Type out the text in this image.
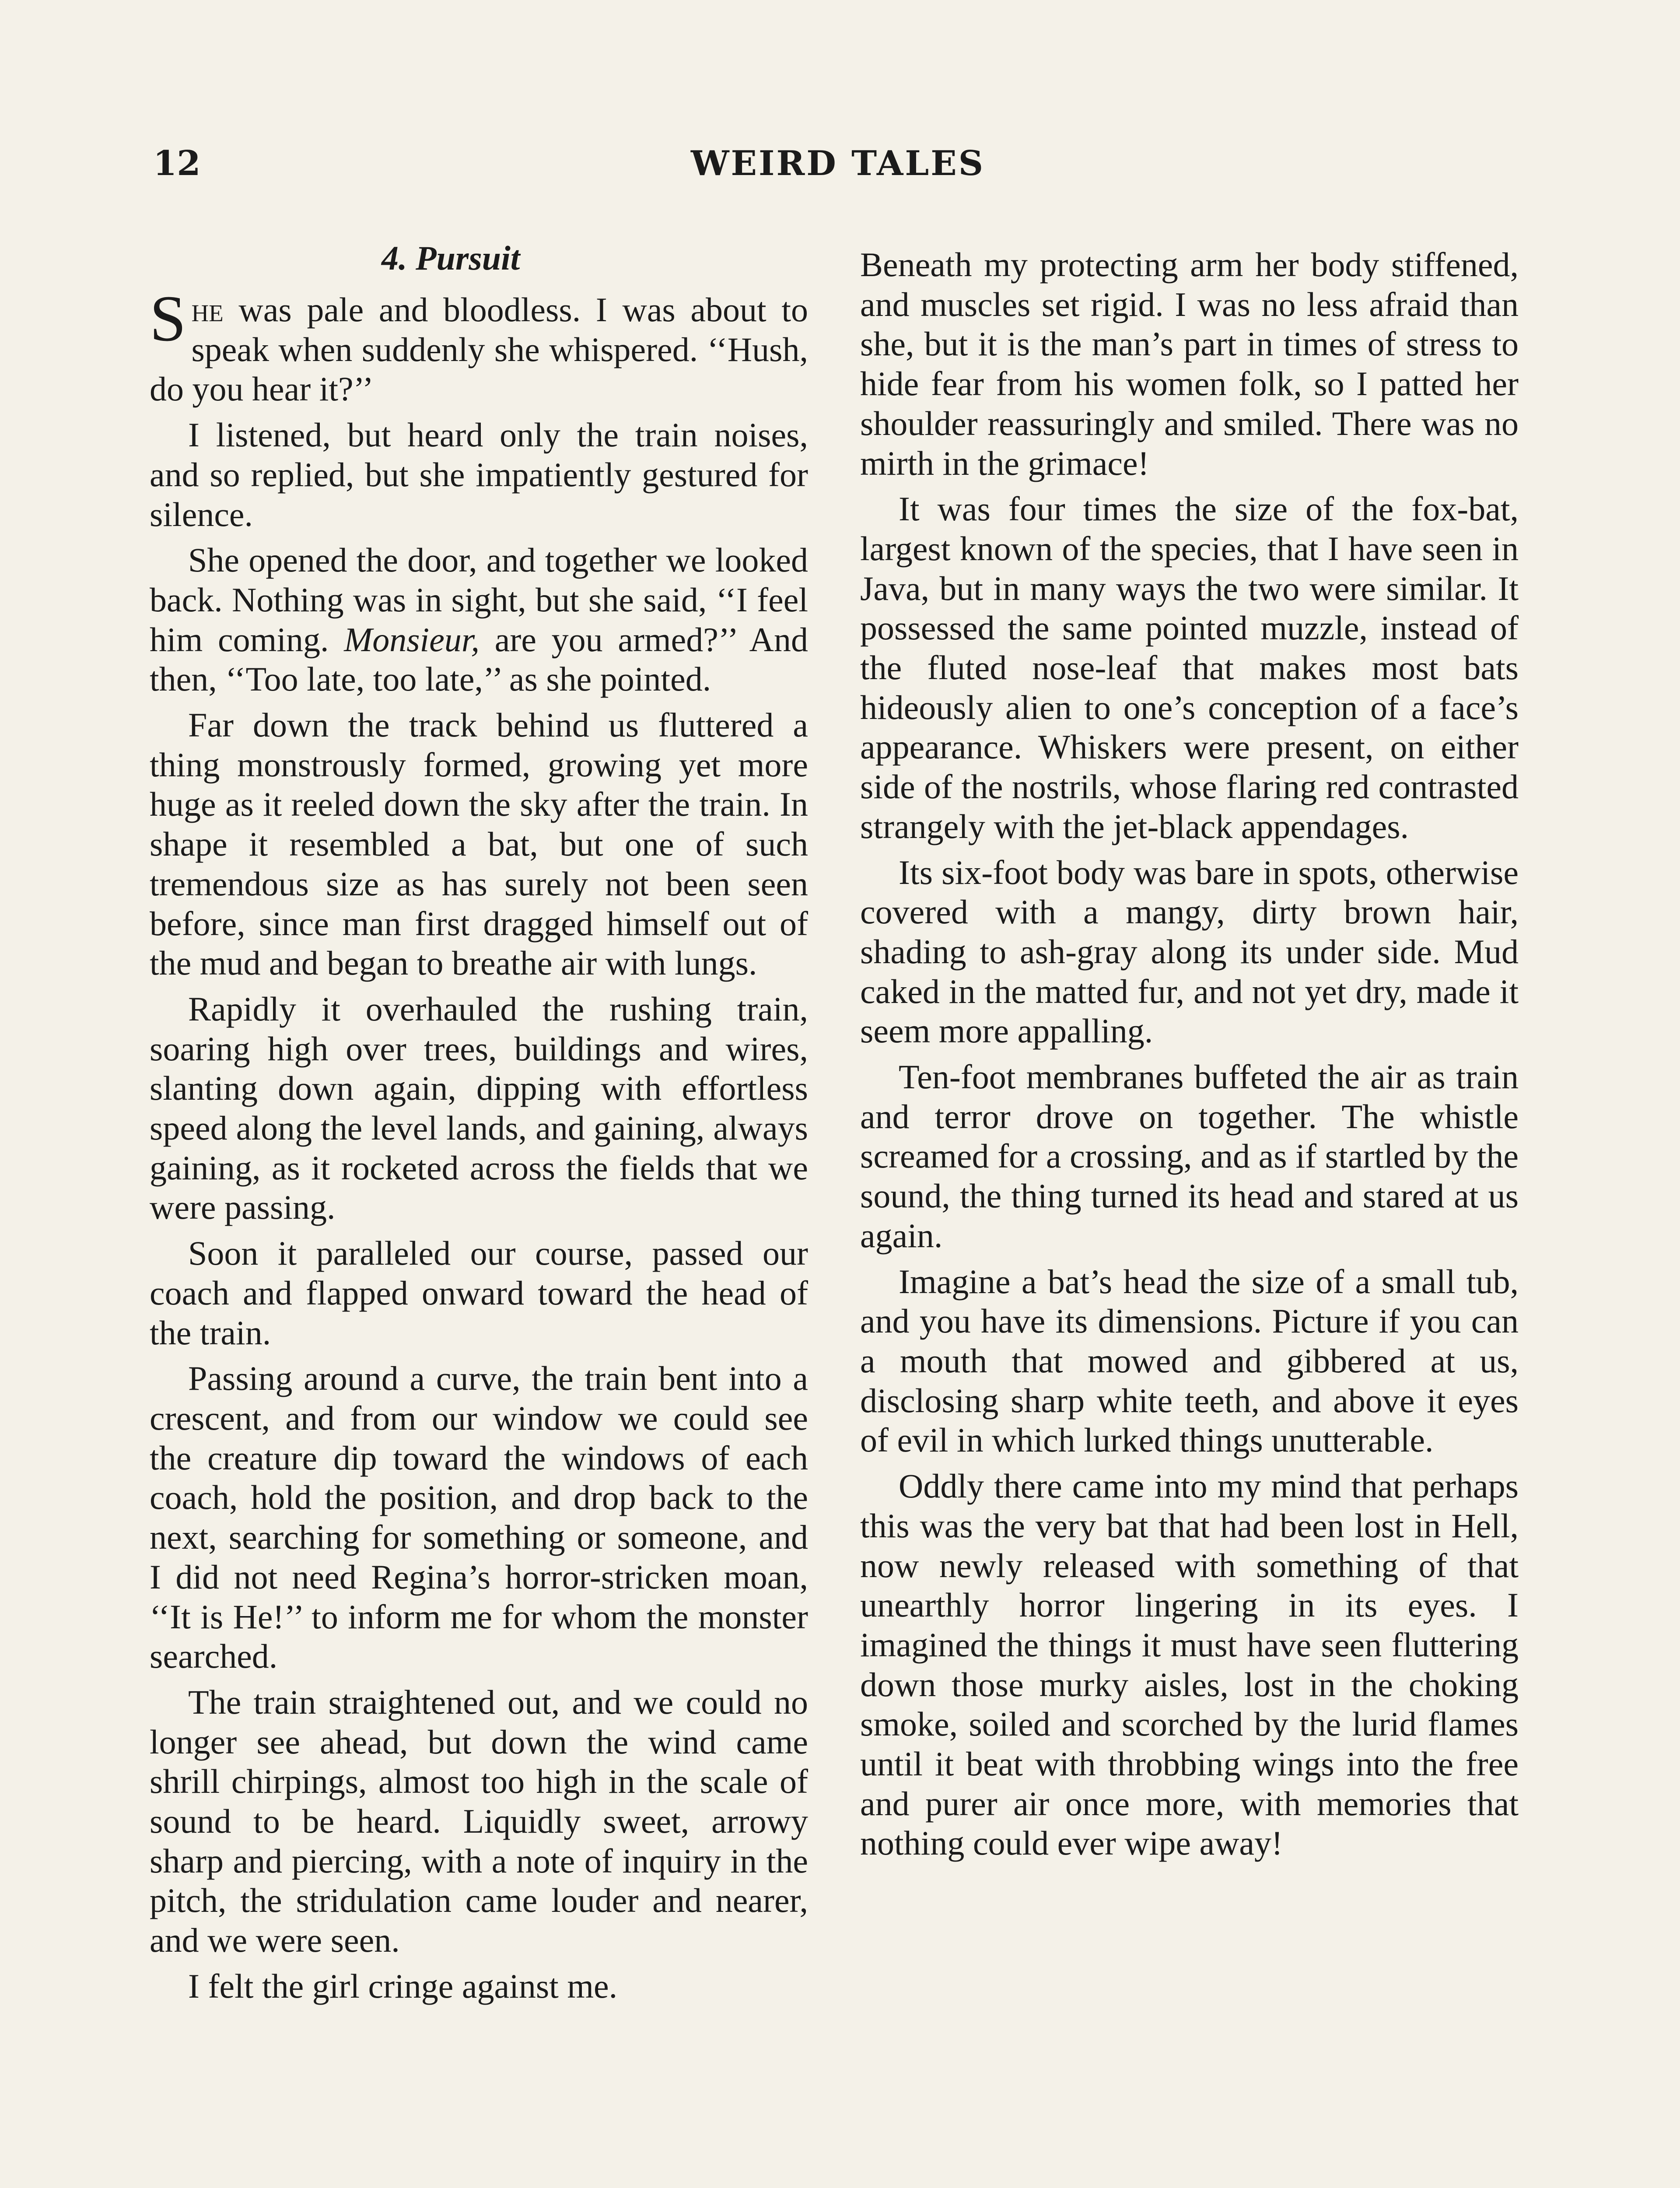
12	WEIRD TALES
4. Pursuit

She was pale and bloodless. I was about to speak when suddenly she whispered. ‘‘Hush, do you hear it?’’

I listened, but heard only the train noises, and so replied, but she impatiently gestured for silence.

She opened the door, and together we looked back. Nothing was in sight, but she said, ‘‘I feel him coming. Monsieur, are you armed?’’ And then, ‘‘Too late, too late,’’ as she pointed.

Far down the track behind us fluttered a thing monstrously formed, growing yet more huge as it reeled down the sky after the train. In shape it resembled a bat, but one of such tremendous size as has surely not been seen before, since man first dragged himself out of the mud and began to breathe air with lungs.

Rapidly it overhauled the rushing train, soaring high over trees, buildings and wires, slanting down again, dipping with effortless speed along the level lands, and gaining, always gaining, as it rocketed across the fields that we were passing.

Soon it paralleled our course, passed our coach and flapped onward toward the head of the train.

Passing around a curve, the train bent into a crescent, and from our window we could see the creature dip toward the windows of each coach, hold the position, and drop back to the next, searching for something or someone, and I did not need Regina’s horror-stricken moan, ‘‘It is He!’’ to inform me for whom the monster searched.

The train straightened out, and we could no longer see ahead, but down the wind came shrill chirpings, almost too high in the scale of sound to be heard. Liquidly sweet, arrowy sharp and piercing, with a note of inquiry in the pitch, the stridulation came louder and nearer, and we were seen.

I felt the girl cringe against me.

Beneath my protecting arm her body stiffened, and muscles set rigid. I was no less afraid than she, but it is the man’s part in times of stress to hide fear from his women folk, so I patted her shoulder reassuringly and smiled. There was no mirth in the grimace!

It was four times the size of the fox-bat, largest known of the species, that I have seen in Java, but in many ways the two were similar. It possessed the same pointed muzzle, instead of the fluted nose-leaf that makes most bats hideously alien to one’s conception of a face’s appearance. Whiskers were present, on either side of the nostrils, whose flaring red contrasted strangely with the jet-black appendages.

Its six-foot body was bare in spots, otherwise covered with a mangy, dirty brown hair, shading to ash-gray along its under side. Mud caked in the matted fur, and not yet dry, made it seem more appalling.

Ten-foot membranes buffeted the air as train and terror drove on together. The whistle screamed for a crossing, and as if startled by the sound, the thing turned its head and stared at us again.

Imagine a bat’s head the size of a small tub, and you have its dimensions. Picture if you can a mouth that mowed and gibbered at us, disclosing sharp white teeth, and above it eyes of evil in which lurked things unutterable.

Oddly there came into my mind that perhaps this was the very bat that had been lost in Hell, now newly released with something of that unearthly horror lingering in its eyes. I imagined the things it must have seen fluttering down those murky aisles, lost in the choking smoke, soiled and scorched by the lurid flames until it beat with throbbing wings into the free and purer air once more, with memories that nothing could ever wipe away!
